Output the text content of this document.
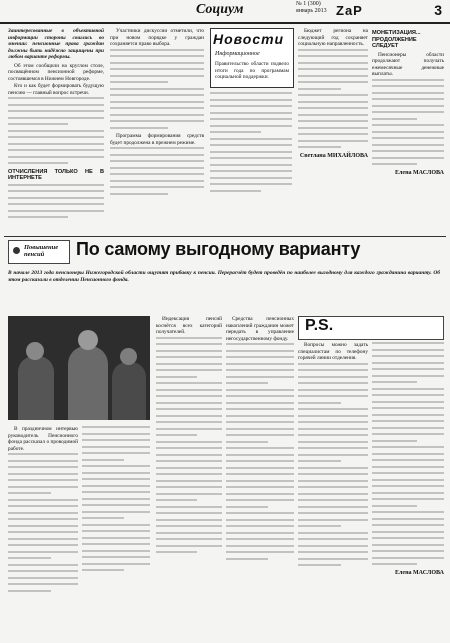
Социум	№ 1 (300)
январь 2013 ZaP	3

Заинтересованные в объективной информации стороны сошлись во мнении: пенсионные права граждан должны быть надёжно защищены при любом варианте реформы.

Об этом сообщили на круглом столе, посвящённом пенсионной реформе, состоявшемся в Нижнем Новгороде.

Кто и как будет формировать будущую пенсию — главный вопрос встречи.

ОТЧИСЛЕНИЯ ТОЛЬКО НЕ В ИНТЕРНЕТЕ

Участники дискуссии отметили, что при новом порядке у граждан сохраняется право выбора.

Программа формирования средств будет продолжена в прежнем режиме.

Новости
Информационное
Правительство области подвело итоги года по программам социальной поддержки.

Бюджет региона на следующий год сохраняет социальную направленность.

Светлана МИХАЙЛОВА
МОНЕТИЗАЦИЯ... ПРОДОЛЖЕНИЕ СЛЕДУЕТ

Пенсионеры области продолжают получать ежемесячные денежные выплаты.

Елена МАСЛОВА
Повышение пенсий	По самому выгодному варианту
В начале 2013 года пенсионеры Нижегородской области ощутят прибавку к пенсии. Перерасчёт будет проведён по наиболее выгодному для каждого гражданина варианту. Об этом рассказали в отделении Пенсионного фонда.

В праздничном интервью руководитель Пенсионного фонда рассказал о проводимой работе.

Индексация пенсий коснётся всех категорий получателей.

Средства пенсионных накоплений гражданин может передать в управление негосударственному фонду.

P.S.

Вопросы можно задать специалистам по телефону горячей линии отделения.

Елена МАСЛОВА
